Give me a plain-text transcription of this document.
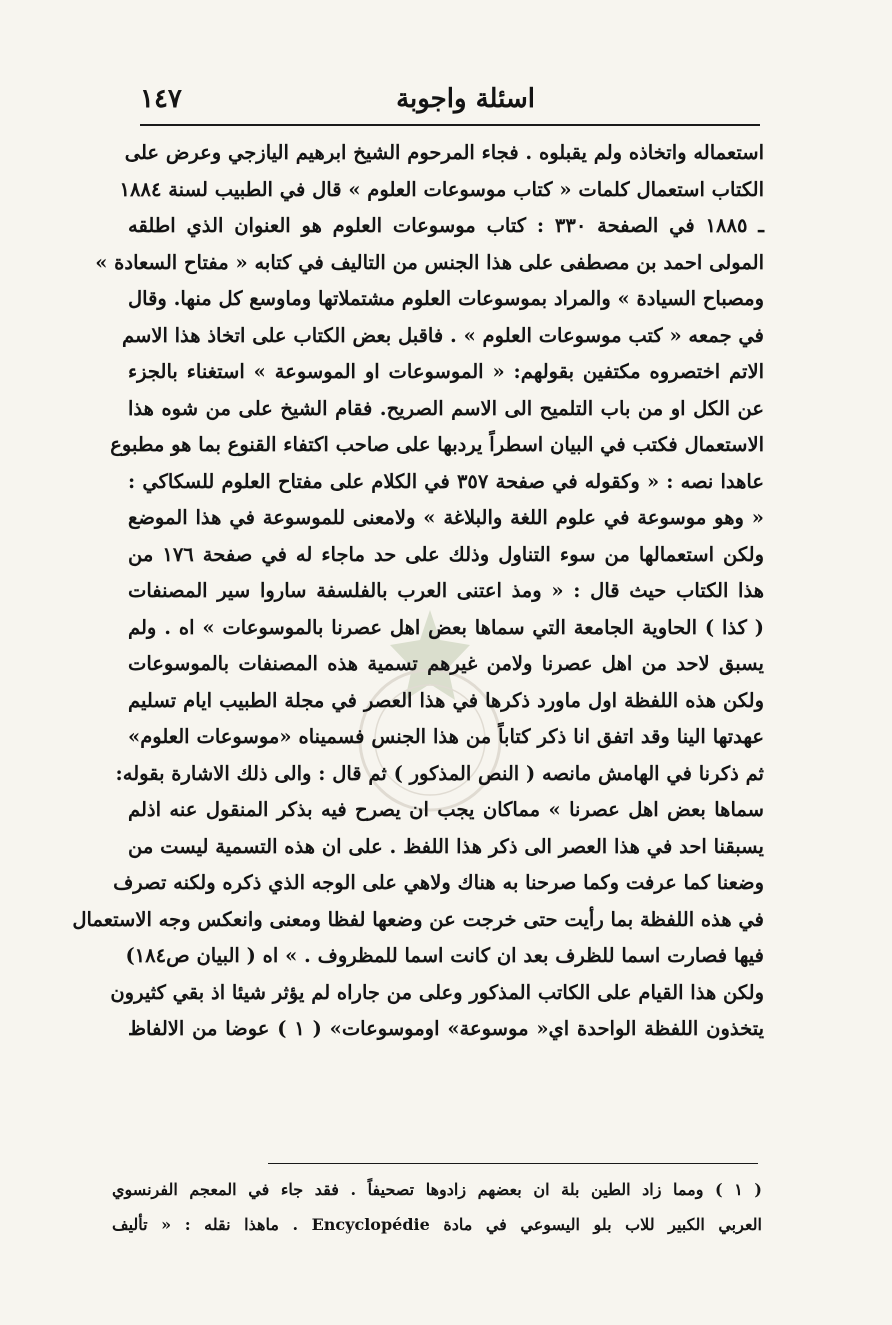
اسئلة واجوبة
١٤٧
استعماله واتخاذه ولم يقبلوه . فجاء المرحوم الشيخ ابرهيم اليازجي وعرض على
الكتاب استعمال كلمات « كتاب موسوعات العلوم » قال في الطبيب لسنة ١٨٨٤
ـ ١٨٨٥ في الصفحة ٣٣٠ : كتاب موسوعات العلوم هو العنوان الذي اطلقه
المولى احمد بن مصطفى على هذا الجنس من التاليف في كتابه « مفتاح السعادة »
ومصباح السيادة » والمراد بموسوعات العلوم مشتملاتها وماوسع كل منها. وقال
في جمعه « كتب موسوعات العلوم » . فاقبل بعض الكتاب على اتخاذ هذا الاسم
الاتم اختصروه مكتفين بقولهم: « الموسوعات او الموسوعة » استغناء بالجزء
عن الكل او من باب التلميح الى الاسم الصريح. فقام الشيخ على من شوه هذا
الاستعمال فكتب في البيان اسطراً يردبها على صاحب اكتفاء القنوع بما هو مطبوع
عاهدا نصه : « وكقوله في صفحة ٣٥٧ في الكلام على مفتاح العلوم للسكاكي :
« وهو موسوعة في علوم اللغة والبلاغة » ولامعنى للموسوعة في هذا الموضع
ولكن استعمالها من سوء التناول وذلك على حد ماجاء له في صفحة ١٧٦ من
هذا الكتاب حيث قال : « ومذ اعتنى العرب بالفلسفة ساروا سير المصنفات
( كذا ) الحاوية الجامعة التي سماها بعض اهل عصرنا بالموسوعات » اه . ولم
يسبق لاحد من اهل عصرنا ولامن غيرهم تسمية هذه المصنفات بالموسوعات
ولكن هذه اللفظة اول ماورد ذكرها في هذا العصر في مجلة الطبيب ايام تسليم
عهدتها الينا وقد اتفق انا ذكر كتاباً من هذا الجنس فسميناه «موسوعات العلوم»
ثم ذكرنا في الهامش مانصه ( النص المذكور ) ثم قال : والى ذلك الاشارة بقوله:
سماها بعض اهل عصرنا » مماكان يجب ان يصرح فيه بذكر المنقول عنه اذلم
يسبقنا احد في هذا العصر الى ذكر هذا اللفظ . على ان هذه التسمية ليست من
وضعنا كما عرفت وكما صرحنا به هناك ولاهي على الوجه الذي ذكره ولكنه تصرف
في هذه اللفظة بما رأيت حتى خرجت عن وضعها لفظا ومعنى وانعكس وجه الاستعمال
فيها فصارت اسما للظرف بعد ان كانت اسما للمظروف . » اه ( البيان ص١٨٤)
ولكن هذا القيام على الكاتب المذكور وعلى من جاراه لم يؤثر شيئا اذ بقي كثيرون
يتخذون اللفظة الواحدة اي« موسوعة» اوموسوعات» ( ١ ) عوضا من الالفاظ
( ١ ) ومما زاد الطين بلة ان بعضهم زادوها تصحيفاً . فقد جاء في المعجم الفرنسوي
العربي الكبير للاب بلو اليسوعي في مادة Encyclopédie . ماهذا نقله : « تأليف
